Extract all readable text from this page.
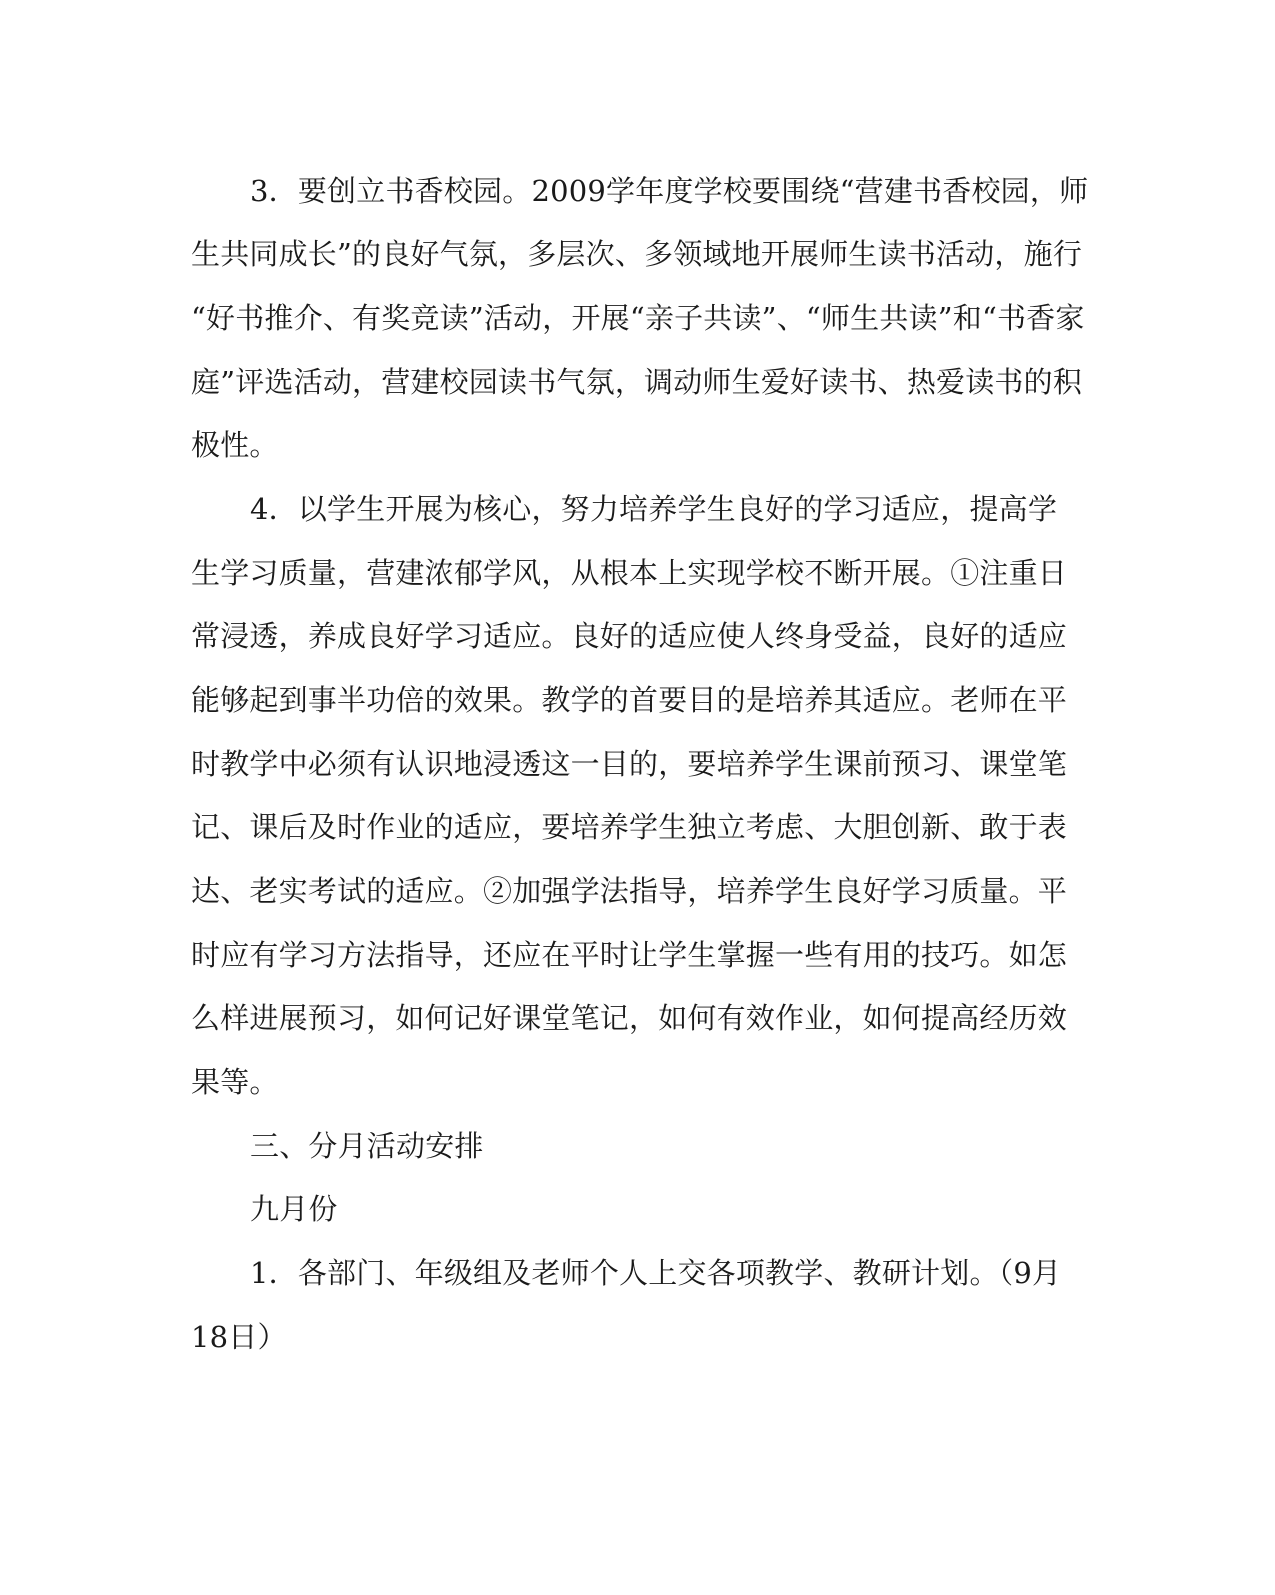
3．要创立书香校园。2009学年度学校要围绕“营建书香校园，师
生共同成长”的良好气氛，多层次、多领域地开展师生读书活动，施行
“好书推介、有奖竞读”活动，开展“亲子共读”、“师生共读”和“书香家
庭”评选活动，营建校园读书气氛，调动师生爱好读书、热爱读书的积
极性。
4．以学生开展为核心，努力培养学生良好的学习适应，提高学
生学习质量，营建浓郁学风，从根本上实现学校不断开展。①注重日
常浸透，养成良好学习适应。良好的适应使人终身受益，良好的适应
能够起到事半功倍的效果。教学的首要目的是培养其适应。老师在平
时教学中必须有认识地浸透这一目的，要培养学生课前预习、课堂笔
记、课后及时作业的适应，要培养学生独立考虑、大胆创新、敢于表
达、老实考试的适应。②加强学法指导，培养学生良好学习质量。平
时应有学习方法指导，还应在平时让学生掌握一些有用的技巧。如怎
么样进展预习，如何记好课堂笔记，如何有效作业，如何提高经历效
果等。
三、分月活动安排
九月份
1．各部门、年级组及老师个人上交各项教学、教研计划。（9月
18日）
